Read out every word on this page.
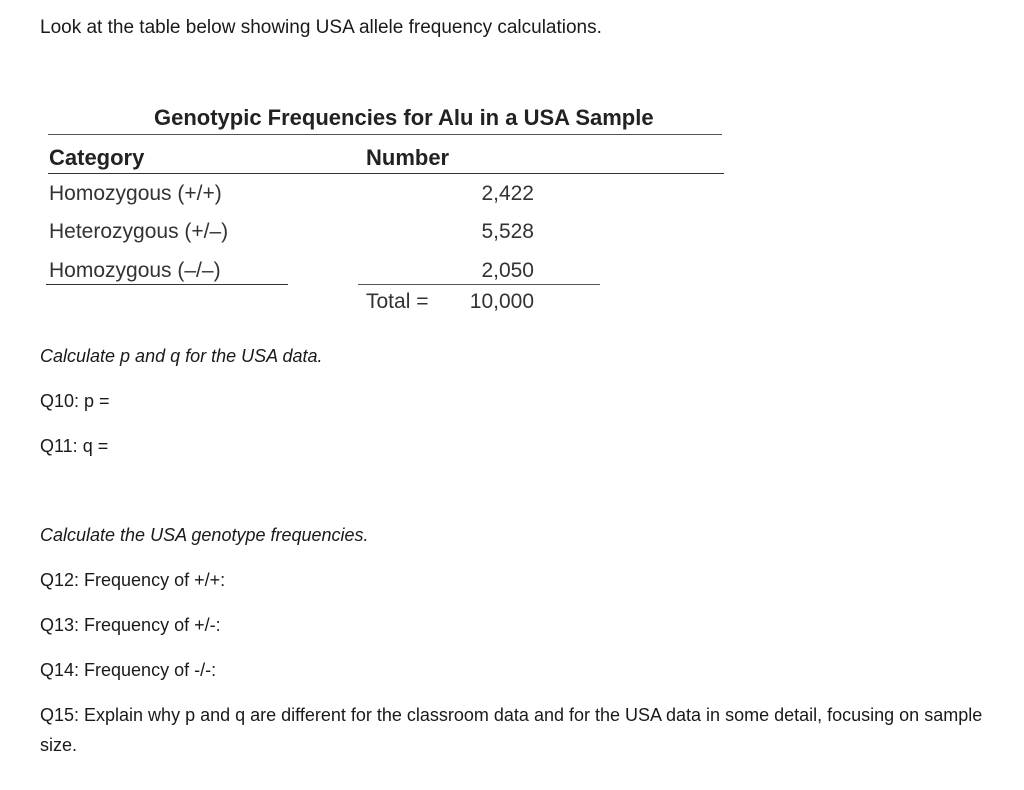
Look at the table below showing USA allele frequency calculations.

Genotypic Frequencies for Alu in a USA Sample
Category	Number
Homozygous (+/+)	2,422
Heterozygous (+/–)	5,528
Homozygous (–/–)	2,050
Total = 10,000

Calculate p and q for the USA data.

Q10: p =

Q11: q =

Calculate the USA genotype frequencies.

Q12: Frequency of +/+:

Q13: Frequency of +/-:

Q14: Frequency of -/-:

Q15: Explain why p and q are different for the classroom data and for the USA data in some detail, focusing on sample size.
